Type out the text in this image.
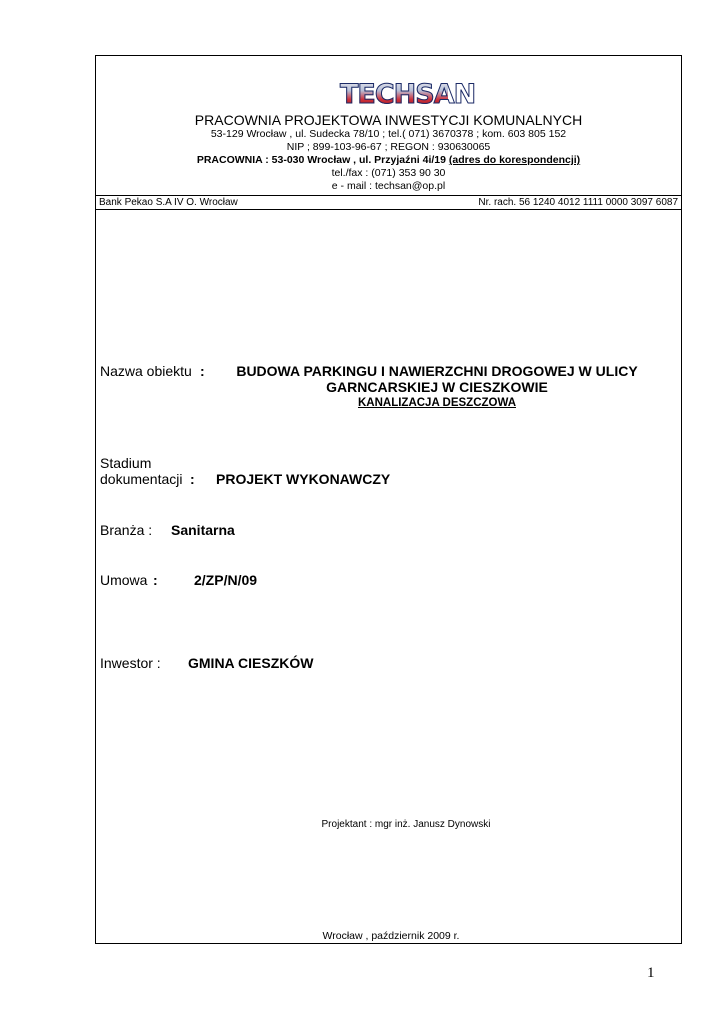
TECHSAN
PRACOWNIA PROJEKTOWA INWESTYCJI KOMUNALNYCH
53-129 Wrocław , ul. Sudecka 78/10 ; tel.( 071) 3670378 ; kom. 603 805 152
NIP ; 899-103-96-67 ; REGON : 930630065
PRACOWNIA : 53-030 Wrocław , ul. Przyjaźni 4i/19 (adres do korespondencji)
tel./fax : (071) 353 90 30
e - mail : techsan@op.pl
Bank Pekao S.A IV O. Wrocław	Nr. rach. 56 1240 4012 1111 0000 3097 6087
Nazwa obiektu :	BUDOWA PARKINGU I NAWIERZCHNI DROGOWEJ W ULICY
GARNCARSKIEJ W CIESZKOWIE
KANALIZACJA DESZCZOWA
Stadium
dokumentacji : PROJEKT WYKONAWCZY
Branża : Sanitarna
Umowa :	2/ZP/N/09
Inwestor : GMINA CIESZKÓW
Projektant : mgr inż. Janusz Dynowski
Wrocław , październik 2009 r.
1
